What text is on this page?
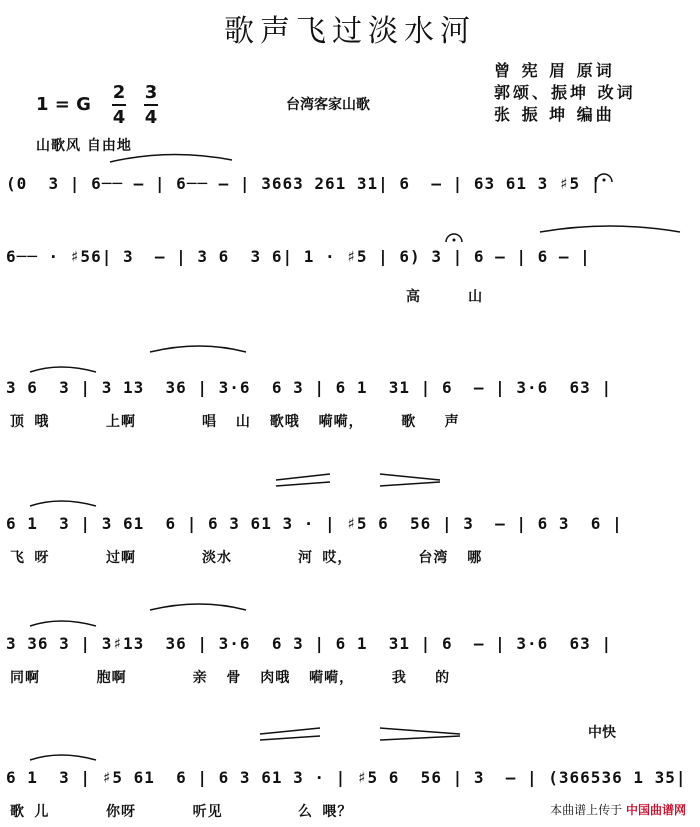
歌声飞过淡水河
曾 宪 眉 原词
郭颂、振坤 改词
张 振 坤 编曲
1 = G
2
4
3
4
台湾客家山歌
山歌风 自由地
(0  3 | 6── — | 6── — | 3663 261 31| 6  — | 63 61 3 ♯5 |
6── · ♯56| 3  — | 3 6  3 6| 1 · ♯5 | 6) 3 | 6 — | 6 — |
高     山
3 6  3 | 3 13  36 | 3·6  6 3 | 6 1  31 | 6  — | 3·6  63 |
顶 哦      上啊       唱  山  歌哦  嗬嗬，    歌   声
6 1  3 | 3 61  6 | 6 3 61 3 · | ♯5 6  56 | 3  — | 6 3  6 |
飞 呀      过啊       淡水       河 哎，       台湾  哪
3 36 3 | 3♯13  36 | 3·6  6 3 | 6 1  31 | 6  — | 3·6  63 |
同啊      胞啊       亲  骨  肉哦  嗬嗬，    我   的
中快
6 1  3 | ♯5 61  6 | 6 3 61 3 · | ♯5 6  56 | 3  — | (366536 1 35|
歌 儿      你呀      听见        么 喂？	本曲谱上传于 中国曲谱网
